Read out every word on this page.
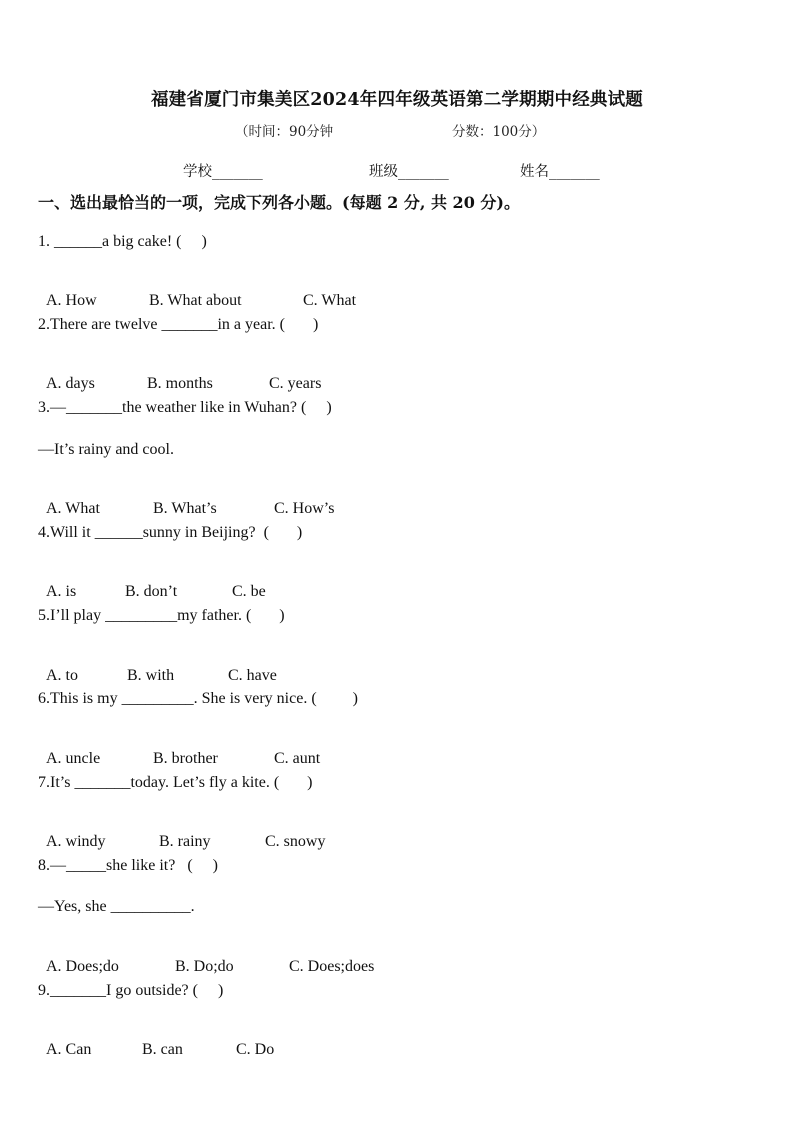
福建省厦门市集美区2024年四年级英语第二学期期中经典试题
（时间：90分钟	分数：100分）
学校_______	班级_______	姓名_______
一、选出最恰当的一项，完成下列各小题。(每题 2 分, 共 20 分)。
1. ______a big cake! (     )

A. How	B. What about	C. What

2.There are twelve _______in a year. (       )

A. days	B. months	C. years

3.—_______the weather like in Wuhan? (     )
—It’s rainy and cool.

A. What	B. What’s	C. How’s

4.Will it ______sunny in Beijing?  (       )

A. is	B. don’t	C. be

5.I’ll play _________my father. (       )

A. to	B. with	C. have

6.This is my _________. She is very nice. (         )

A. uncle	B. brother	C. aunt

7.It’s _______today. Let’s fly a kite. (       )

A. windy	B. rainy	C. snowy

8.—_____she like it?   (     )
—Yes, she __________.

A. Does;do	B. Do;do	C. Does;does

9._______I go outside? (     )

A. Can	B. can	C. Do
